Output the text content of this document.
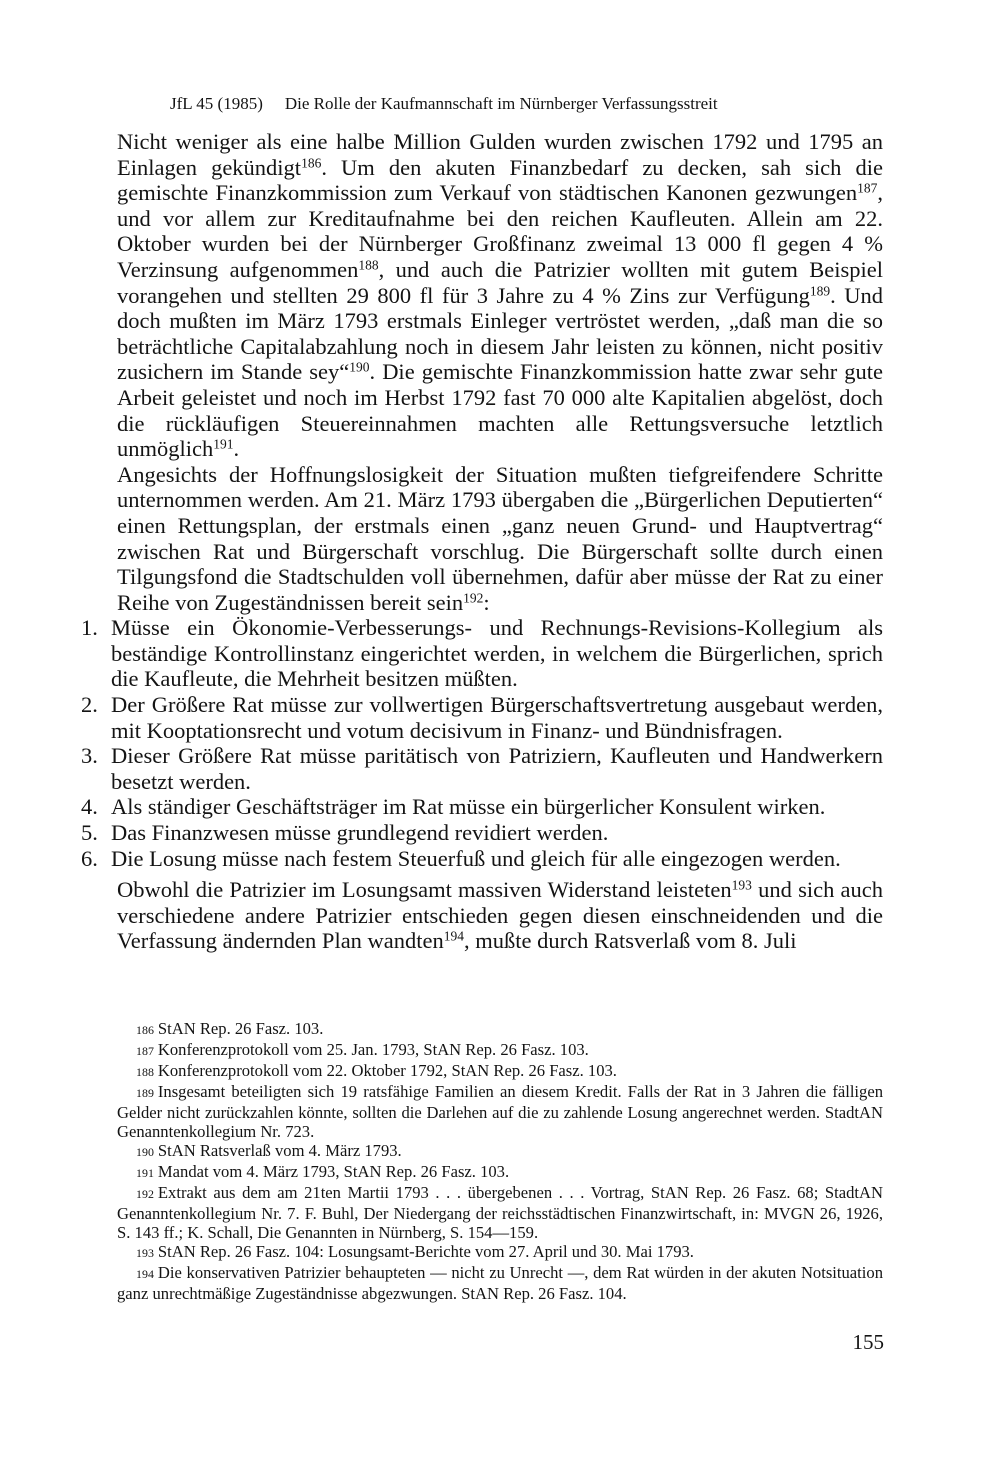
JfL 45 (1985) Die Rolle der Kaufmannschaft im Nürnberger Verfassungsstreit

Nicht weniger als eine halbe Million Gulden wurden zwischen 1792 und 1795 an Einlagen gekündigt$^{186}$. Um den akuten Finanzbedarf zu decken, sah sich die gemischte Finanzkommission zum Verkauf von städtischen Kanonen gezwungen$^{187}$, und vor allem zur Kreditaufnahme bei den reichen Kaufleuten. Allein am 22. Oktober wurden bei der Nürnberger Großfinanz zweimal 13 000 fl gegen 4 % Verzinsung aufgenommen$^{188}$, und auch die Patrizier wollten mit gutem Beispiel vorangehen und stellten 29 800 fl für 3 Jahre zu 4 % Zins zur Verfügung$^{189}$. Und doch mußten im März 1793 erstmals Einleger vertröstet werden, „daß man die so beträchtliche Capitalabzahlung noch in diesem Jahr leisten zu können, nicht positiv zusichern im Stande sey“$^{190}$. Die gemischte Finanzkommission hatte zwar sehr gute Arbeit geleistet und noch im Herbst 1792 fast 70 000 alte Kapitalien abgelöst, doch die rückläufigen Steuereinnahmen machten alle Rettungsversuche letztlich unmöglich$^{191}$.

Angesichts der Hoffnungslosigkeit der Situation mußten tiefgreifendere Schritte unternommen werden. Am 21. März 1793 übergaben die „Bürgerlichen Deputierten“ einen Rettungsplan, der erstmals einen „ganz neuen Grund- und Hauptvertrag“ zwischen Rat und Bürgerschaft vorschlug. Die Bürgerschaft sollte durch einen Tilgungsfond die Stadtschulden voll übernehmen, dafür aber müsse der Rat zu einer Reihe von Zugeständnissen bereit sein$^{192}$:

1. Müsse ein Ökonomie-Verbesserungs- und Rechnungs-Revisions-Kollegium als beständige Kontrollinstanz eingerichtet werden, in welchem die Bürgerlichen, sprich die Kaufleute, die Mehrheit besitzen müßten.
2. Der Größere Rat müsse zur vollwertigen Bürgerschaftsvertretung ausgebaut werden, mit Kooptationsrecht und votum decisivum in Finanz- und Bündnisfragen.
3. Dieser Größere Rat müsse paritätisch von Patriziern, Kaufleuten und Handwerkern besetzt werden.
4. Als ständiger Geschäftsträger im Rat müsse ein bürgerlicher Konsulent wirken.
5. Das Finanzwesen müsse grundlegend revidiert werden.
6. Die Losung müsse nach festem Steuerfuß und gleich für alle eingezogen werden.

Obwohl die Patrizier im Losungsamt massiven Widerstand leisteten$^{193}$ und sich auch verschiedene andere Patrizier entschieden gegen diesen einschneidenden und die Verfassung ändernden Plan wandten$^{194}$, mußte durch Ratsverlaß vom 8. Juli

186 StAN Rep. 26 Fasz. 103.

187 Konferenzprotokoll vom 25. Jan. 1793, StAN Rep. 26 Fasz. 103.

188 Konferenzprotokoll vom 22. Oktober 1792, StAN Rep. 26 Fasz. 103.

189 Insgesamt beteiligten sich 19 ratsfähige Familien an diesem Kredit. Falls der Rat in 3 Jahren die fälligen Gelder nicht zurückzahlen könnte, sollten die Darlehen auf die zu zahlende Losung angerechnet werden. StadtAN Genanntenkollegium Nr. 723.

190 StAN Ratsverlaß vom 4. März 1793.

191 Mandat vom 4. März 1793, StAN Rep. 26 Fasz. 103.

192 Extrakt aus dem am 21ten Martii 1793 . . . übergebenen . . . Vortrag, StAN Rep. 26 Fasz. 68; StadtAN Genanntenkollegium Nr. 7. F. Buhl, Der Niedergang der reichsstädtischen Finanzwirtschaft, in: MVGN 26, 1926, S. 143 ff.; K. Schall, Die Genannten in Nürnberg, S. 154—159.

193 StAN Rep. 26 Fasz. 104: Losungsamt-Berichte vom 27. April und 30. Mai 1793.

194 Die konservativen Patrizier behaupteten — nicht zu Unrecht —, dem Rat würden in der akuten Notsituation ganz unrechtmäßige Zugeständnisse abgezwungen. StAN Rep. 26 Fasz. 104.

155
